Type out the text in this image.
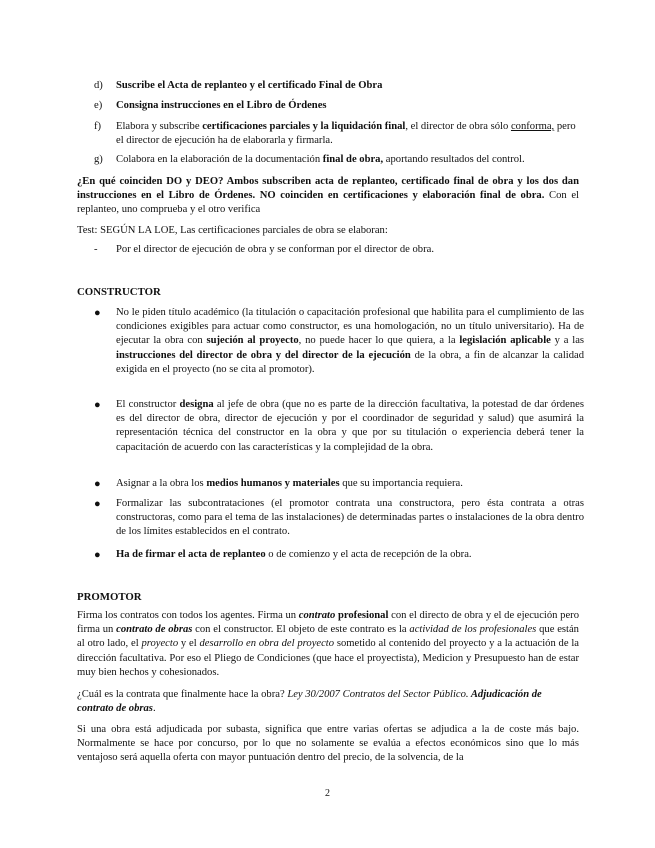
d)	Suscribe el Acta de replanteo y el certificado Final de Obra
e)	Consigna instrucciones en el Libro de Órdenes
f)	Elabora y subscribe certificaciones parciales y la liquidación final, el director de obra sólo conforma, pero el director de ejecución ha de elaborarla y firmarla.
g)	Colabora en la elaboración de la documentación final de obra, aportando resultados del control.
¿En qué coinciden DO y DEO? Ambos subscriben acta de replanteo, certificado final de obra y los dos dan instrucciones en el Libro de Órdenes. NO coinciden en certificaciones y elaboración final de obra. Con el replanteo, uno comprueba y el otro verifica
Test: SEGÚN LA LOE, Las certificaciones parciales de obra se elaboran:
-	Por el director de ejecución de obra y se conforman por el director de obra.
CONSTRUCTOR
●	No le piden título académico (la titulación o capacitación profesional que habilita para el cumplimiento de las condiciones exigibles para actuar como constructor, es una homologación, no un título universitario). Ha de ejecutar la obra con sujeción al proyecto, no puede hacer lo que quiera, a la legislación aplicable y a las instrucciones del director de obra y del director de la ejecución de la obra, a fin de alcanzar la calidad exigida en el proyecto (no se cita al promotor).
●	El constructor designa al jefe de obra (que no es parte de la dirección facultativa, la potestad de dar órdenes es del director de obra, director de ejecución y por el coordinador de seguridad y salud) que asumirá la representación técnica del constructor en la obra y que por su titulación o experiencia deberá tener la capacitación de acuerdo con las características y la complejidad de la obra.
●	Asignar a la obra los medios humanos y materiales que su importancia requiera.
●	Formalizar las subcontrataciones (el promotor contrata una constructora, pero ésta contrata a otras constructoras, como para el tema de las instalaciones) de determinadas partes o instalaciones de la obra dentro de los límites establecidos en el contrato.
●	Ha de firmar el acta de replanteo o de comienzo y el acta de recepción de la obra.
PROMOTOR
Firma los contratos con todos los agentes. Firma un contrato profesional con el directo de obra y el de ejecución pero firma un contrato de obras con el constructor. El objeto de este contrato es la actividad de los profesionales que están al otro lado, el proyecto y el desarrollo en obra del proyecto sometido al contenido del proyecto y a la actuación de la dirección facultativa. Por eso el Pliego de Condiciones (que hace el proyectista), Medicion y Presupuesto han de estar muy bien hechos y cohesionados.
¿Cuál es la contrata que finalmente hace la obra? Ley 30/2007 Contratos del Sector Público. Adjudicación de contrato de obras.
Si una obra está adjudicada por subasta, significa que entre varias ofertas se adjudica a la de coste más bajo. Normalmente se hace por concurso, por lo que no solamente se evalúa a efectos económicos sino que lo más ventajoso será aquella oferta con mayor puntuación dentro del precio, de la solvencia, de la
2
